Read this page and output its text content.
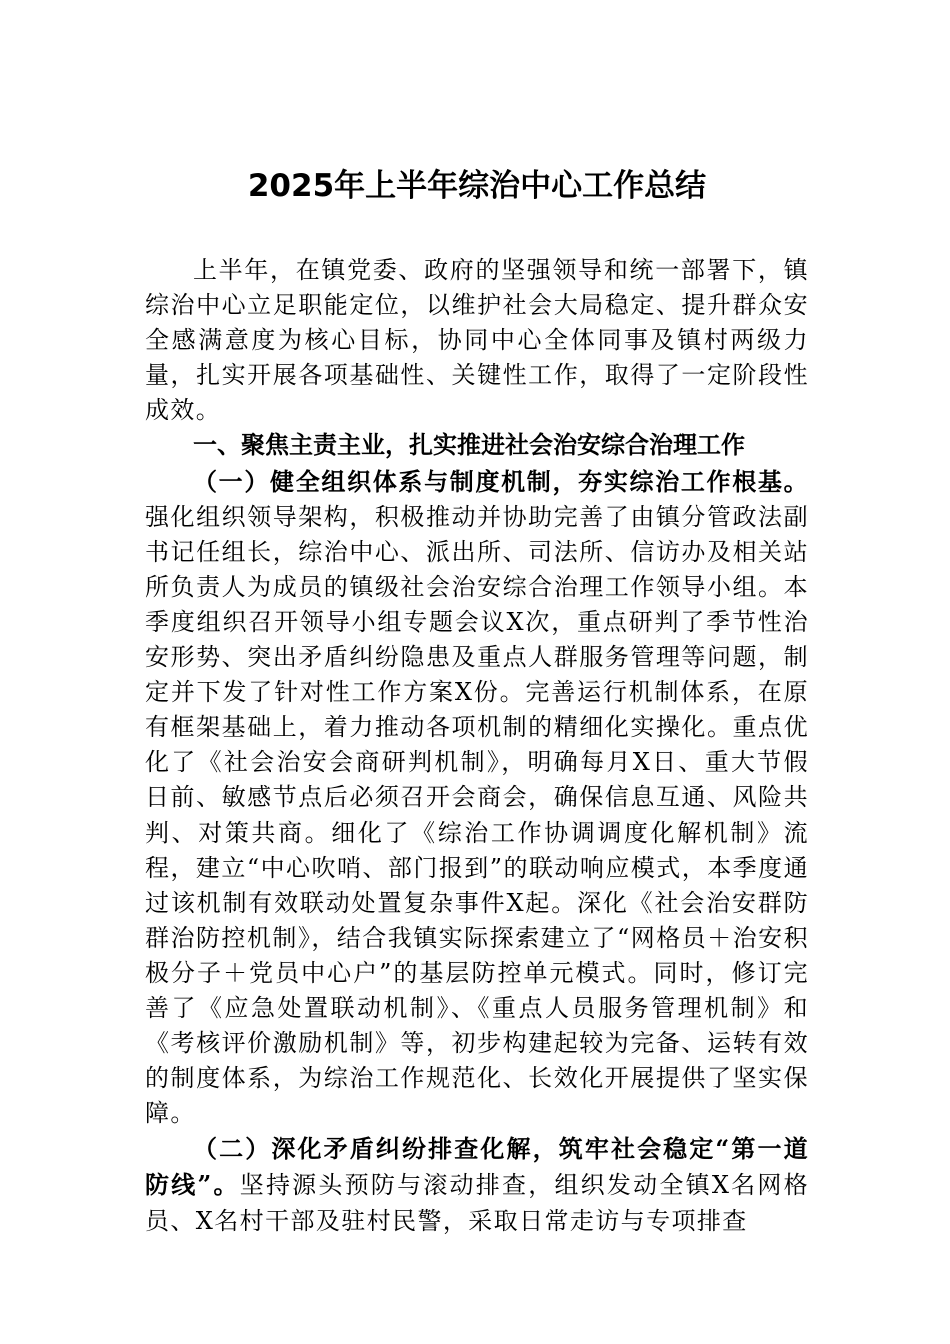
2025年上半年综治中心工作总结

上半年，在镇党委、政府的坚强领导和统一部署下，镇综治中心立足职能定位，以维护社会大局稳定、提升群众安全感满意度为核心目标，协同中心全体同事及镇村两级力量，扎实开展各项基础性、关键性工作，取得了一定阶段性成效。

一、聚焦主责主业，扎实推进社会治安综合治理工作

（一）健全组织体系与制度机制，夯实综治工作根基。强化组织领导架构，积极推动并协助完善了由镇分管政法副书记任组长，综治中心、派出所、司法所、信访办及相关站所负责人为成员的镇级社会治安综合治理工作领导小组。本季度组织召开领导小组专题会议X次，重点研判了季节性治安形势、突出矛盾纠纷隐患及重点人群服务管理等问题，制定并下发了针对性工作方案X份。完善运行机制体系，在原有框架基础上，着力推动各项机制的精细化实操化。重点优化了《社会治安会商研判机制》，明确每月X日、重大节假日前、敏感节点后必须召开会商会，确保信息互通、风险共判、对策共商。细化了《综治工作协调调度化解机制》流程，建立“中心吹哨、部门报到”的联动响应模式，本季度通过该机制有效联动处置复杂事件X起。深化《社会治安群防群治防控机制》，结合我镇实际探索建立了“网格员＋治安积极分子＋党员中心户”的基层防控单元模式。同时，修订完善了《应急处置联动机制》、《重点人员服务管理机制》和《考核评价激励机制》等，初步构建起较为完备、运转有效的制度体系，为综治工作规范化、长效化开展提供了坚实保障。

（二）深化矛盾纠纷排查化解，筑牢社会稳定“第一道防线”。坚持源头预防与滚动排查，组织发动全镇X名网格员、X名村干部及驻村民警，采取日常走访与专项排查
